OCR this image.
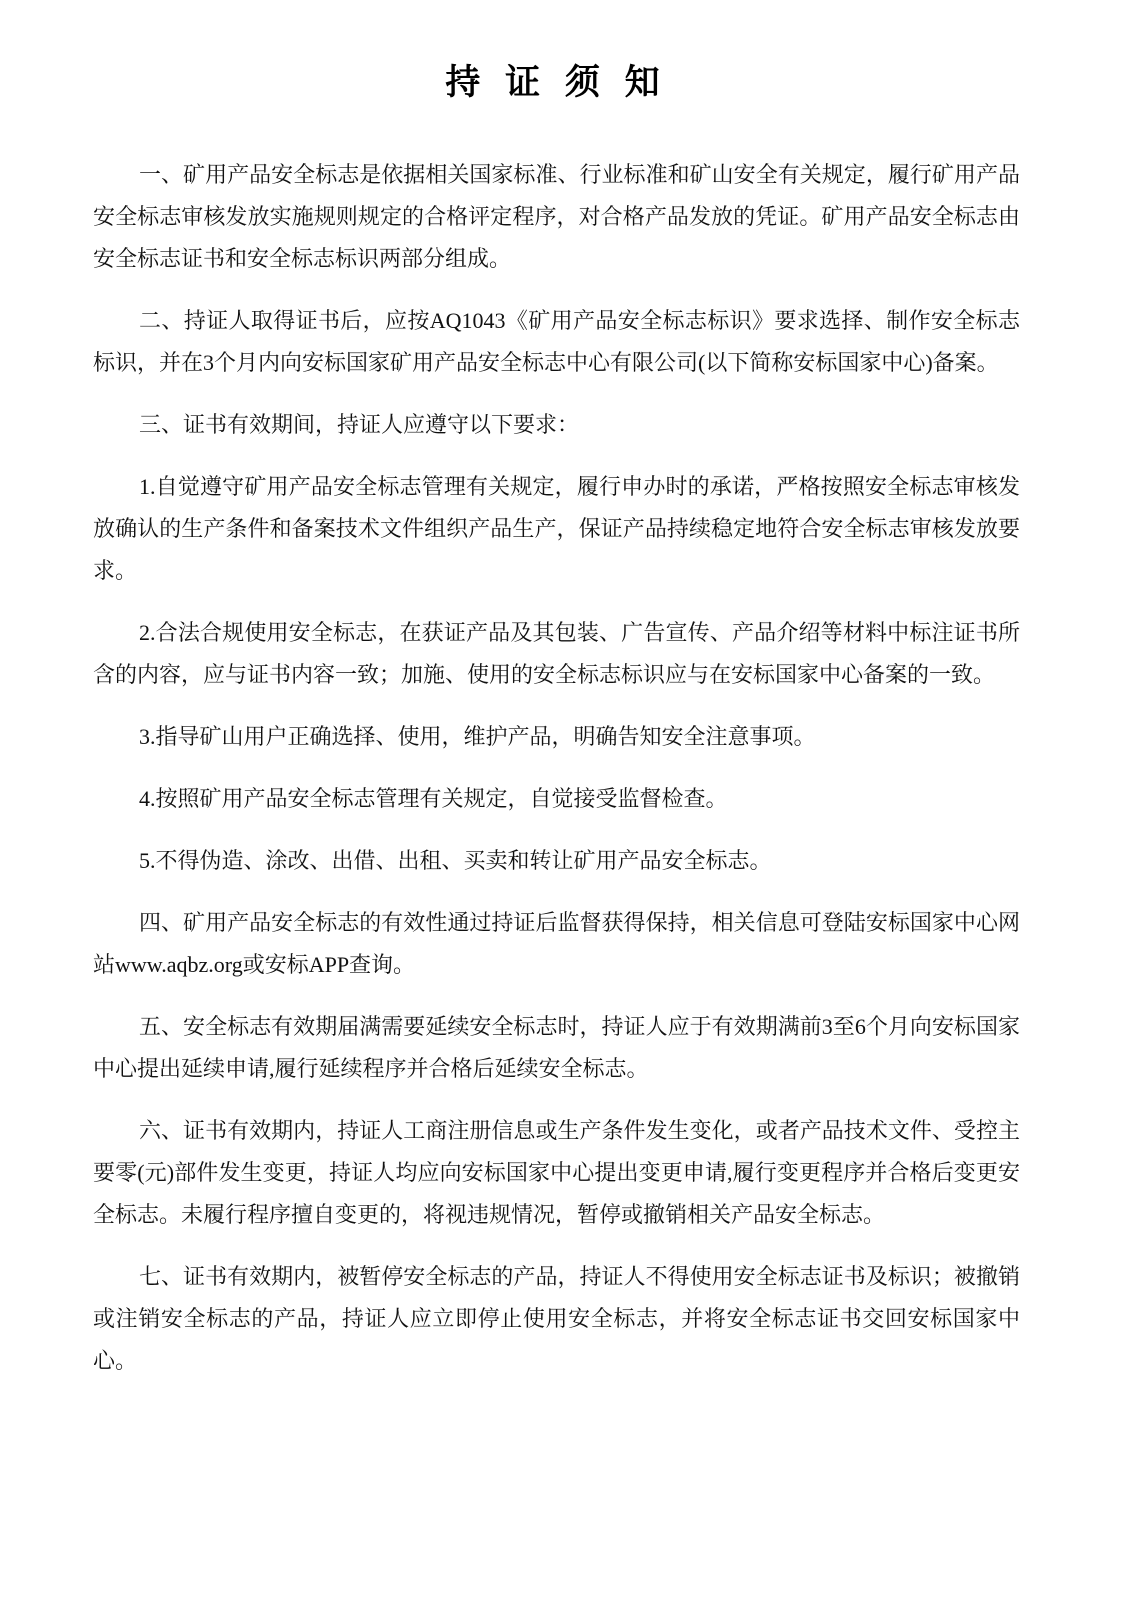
持 证 须 知

一、矿用产品安全标志是依据相关国家标准、行业标准和矿山安全有关规定，履行矿用产品安全标志审核发放实施规则规定的合格评定程序，对合格产品发放的凭证。矿用产品安全标志由安全标志证书和安全标志标识两部分组成。

二、持证人取得证书后，应按AQ1043《矿用产品安全标志标识》要求选择、制作安全标志标识，并在3个月内向安标国家矿用产品安全标志中心有限公司(以下简称安标国家中心)备案。

三、证书有效期间，持证人应遵守以下要求：

1.自觉遵守矿用产品安全标志管理有关规定，履行申办时的承诺，严格按照安全标志审核发放确认的生产条件和备案技术文件组织产品生产，保证产品持续稳定地符合安全标志审核发放要求。

2.合法合规使用安全标志，在获证产品及其包装、广告宣传、产品介绍等材料中标注证书所含的内容，应与证书内容一致；加施、使用的安全标志标识应与在安标国家中心备案的一致。

3.指导矿山用户正确选择、使用，维护产品，明确告知安全注意事项。

4.按照矿用产品安全标志管理有关规定，自觉接受监督检查。

5.不得伪造、涂改、出借、出租、买卖和转让矿用产品安全标志。

四、矿用产品安全标志的有效性通过持证后监督获得保持，相关信息可登陆安标国家中心网站www.aqbz.org或安标APP查询。

五、安全标志有效期届满需要延续安全标志时，持证人应于有效期满前3至6个月向安标国家中心提出延续申请,履行延续程序并合格后延续安全标志。

六、证书有效期内，持证人工商注册信息或生产条件发生变化，或者产品技术文件、受控主要零(元)部件发生变更，持证人均应向安标国家中心提出变更申请,履行变更程序并合格后变更安全标志。未履行程序擅自变更的，将视违规情况，暂停或撤销相关产品安全标志。

七、证书有效期内，被暂停安全标志的产品，持证人不得使用安全标志证书及标识；被撤销或注销安全标志的产品，持证人应立即停止使用安全标志，并将安全标志证书交回安标国家中心。
